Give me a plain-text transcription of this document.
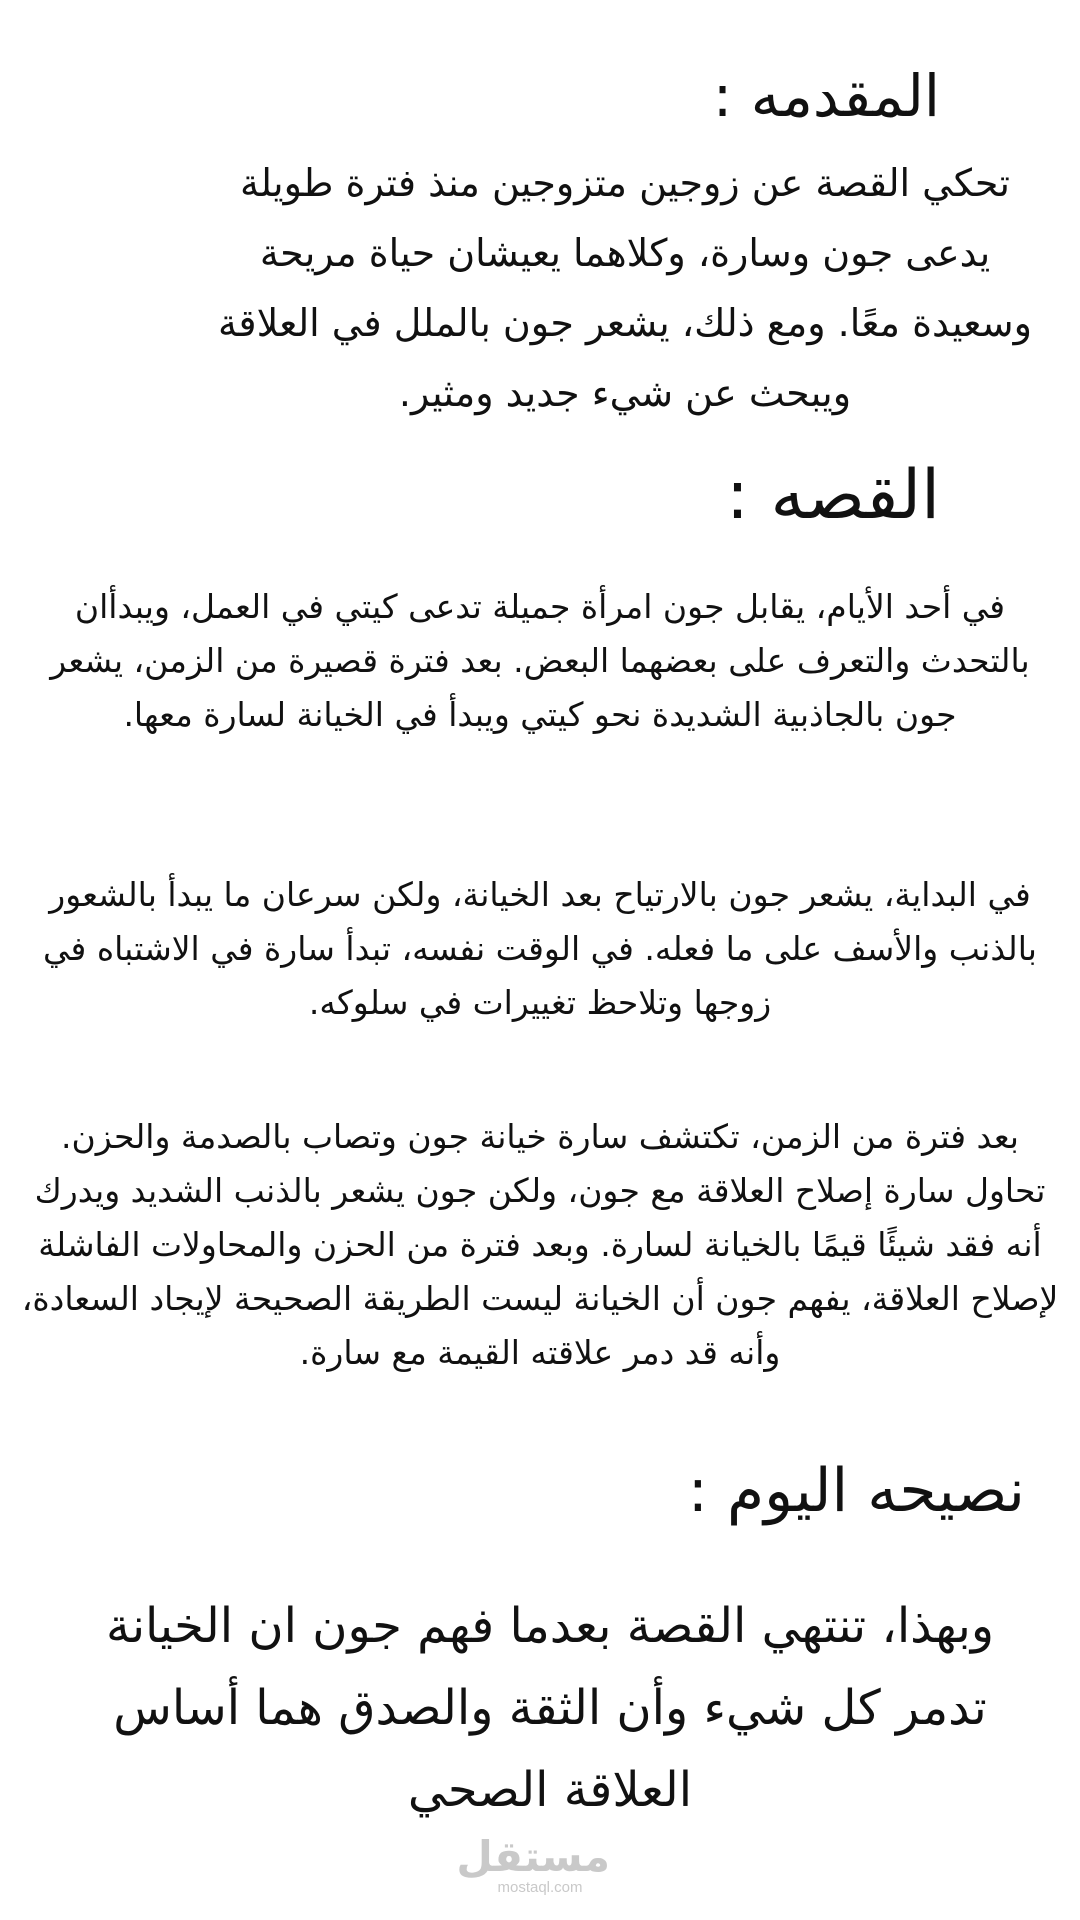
المقدمه :

تحكي القصة عن زوجين متزوجين منذ فترة طويلة يدعى جون وسارة، وكلاهما يعيشان حياة مريحة وسعيدة معًا. ومع ذلك، يشعر جون بالملل في العلاقة ويبحث عن شيء جديد ومثير.

القصه :

في أحد الأيام، يقابل جون امرأة جميلة تدعى كيتي في العمل، ويبدأان بالتحدث والتعرف على بعضهما البعض. بعد فترة قصيرة من الزمن، يشعر جون بالجاذبية الشديدة نحو كيتي ويبدأ في الخيانة لسارة معها.

في البداية، يشعر جون بالارتياح بعد الخيانة، ولكن سرعان ما يبدأ بالشعور بالذنب والأسف على ما فعله. في الوقت نفسه، تبدأ سارة في الاشتباه في زوجها وتلاحظ تغييرات في سلوكه.

بعد فترة من الزمن، تكتشف سارة خيانة جون وتصاب بالصدمة والحزن. تحاول سارة إصلاح العلاقة مع جون، ولكن جون يشعر بالذنب الشديد ويدرك أنه فقد شيئًا قيمًا بالخيانة لسارة. وبعد فترة من الحزن والمحاولات الفاشلة لإصلاح العلاقة، يفهم جون أن الخيانة ليست الطريقة الصحيحة لإيجاد السعادة، وأنه قد دمر علاقته القيمة مع سارة.

نصيحه اليوم :

وبهذا، تنتهي القصة بعدما فهم جون ان الخيانة تدمر كل شيء وأن الثقة والصدق هما أساس العلاقة الصحي

مستقل
mostaql.com
